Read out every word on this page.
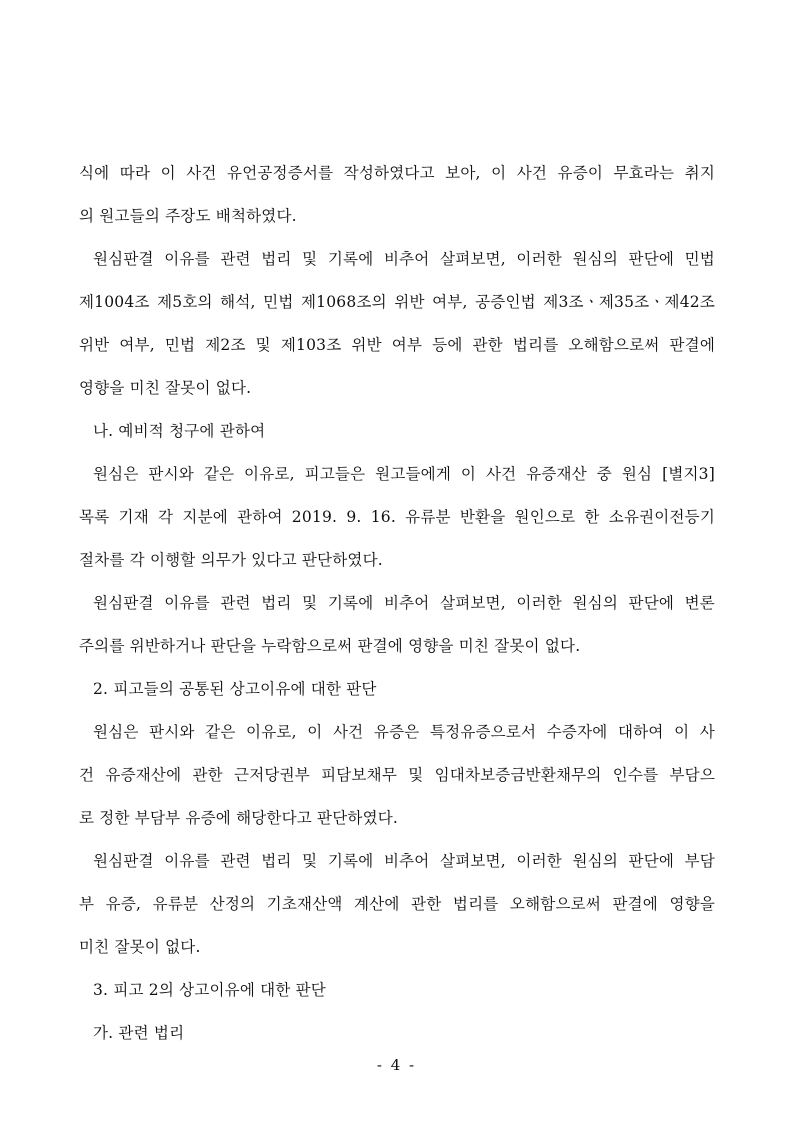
식에 따라 이 사건 유언공정증서를 작성하였다고 보아, 이 사건 유증이 무효라는 취지
의 원고들의 주장도 배척하였다.
원심판결 이유를 관련 법리 및 기록에 비추어 살펴보면, 이러한 원심의 판단에 민법
제1004조 제5호의 해석, 민법 제1068조의 위반 여부, 공증인법 제3조ㆍ제35조ㆍ제42조
위반 여부, 민법 제2조 및 제103조 위반 여부 등에 관한 법리를 오해함으로써 판결에
영향을 미친 잘못이 없다.
나. 예비적 청구에 관하여
원심은 판시와 같은 이유로, 피고들은 원고들에게 이 사건 유증재산 중 원심 [별지3]
목록 기재 각 지분에 관하여 2019. 9. 16. 유류분 반환을 원인으로 한 소유권이전등기
절차를 각 이행할 의무가 있다고 판단하였다.
원심판결 이유를 관련 법리 및 기록에 비추어 살펴보면, 이러한 원심의 판단에 변론
주의를 위반하거나 판단을 누락함으로써 판결에 영향을 미친 잘못이 없다.
2. 피고들의 공통된 상고이유에 대한 판단
원심은 판시와 같은 이유로, 이 사건 유증은 특정유증으로서 수증자에 대하여 이 사
건 유증재산에 관한 근저당권부 피담보채무 및 임대차보증금반환채무의 인수를 부담으
로 정한 부담부 유증에 해당한다고 판단하였다.
원심판결 이유를 관련 법리 및 기록에 비추어 살펴보면, 이러한 원심의 판단에 부담
부 유증, 유류분 산정의 기초재산액 계산에 관한 법리를 오해함으로써 판결에 영향을
미친 잘못이 없다.
3. 피고 2의 상고이유에 대한 판단
가. 관련 법리
- 4 -
